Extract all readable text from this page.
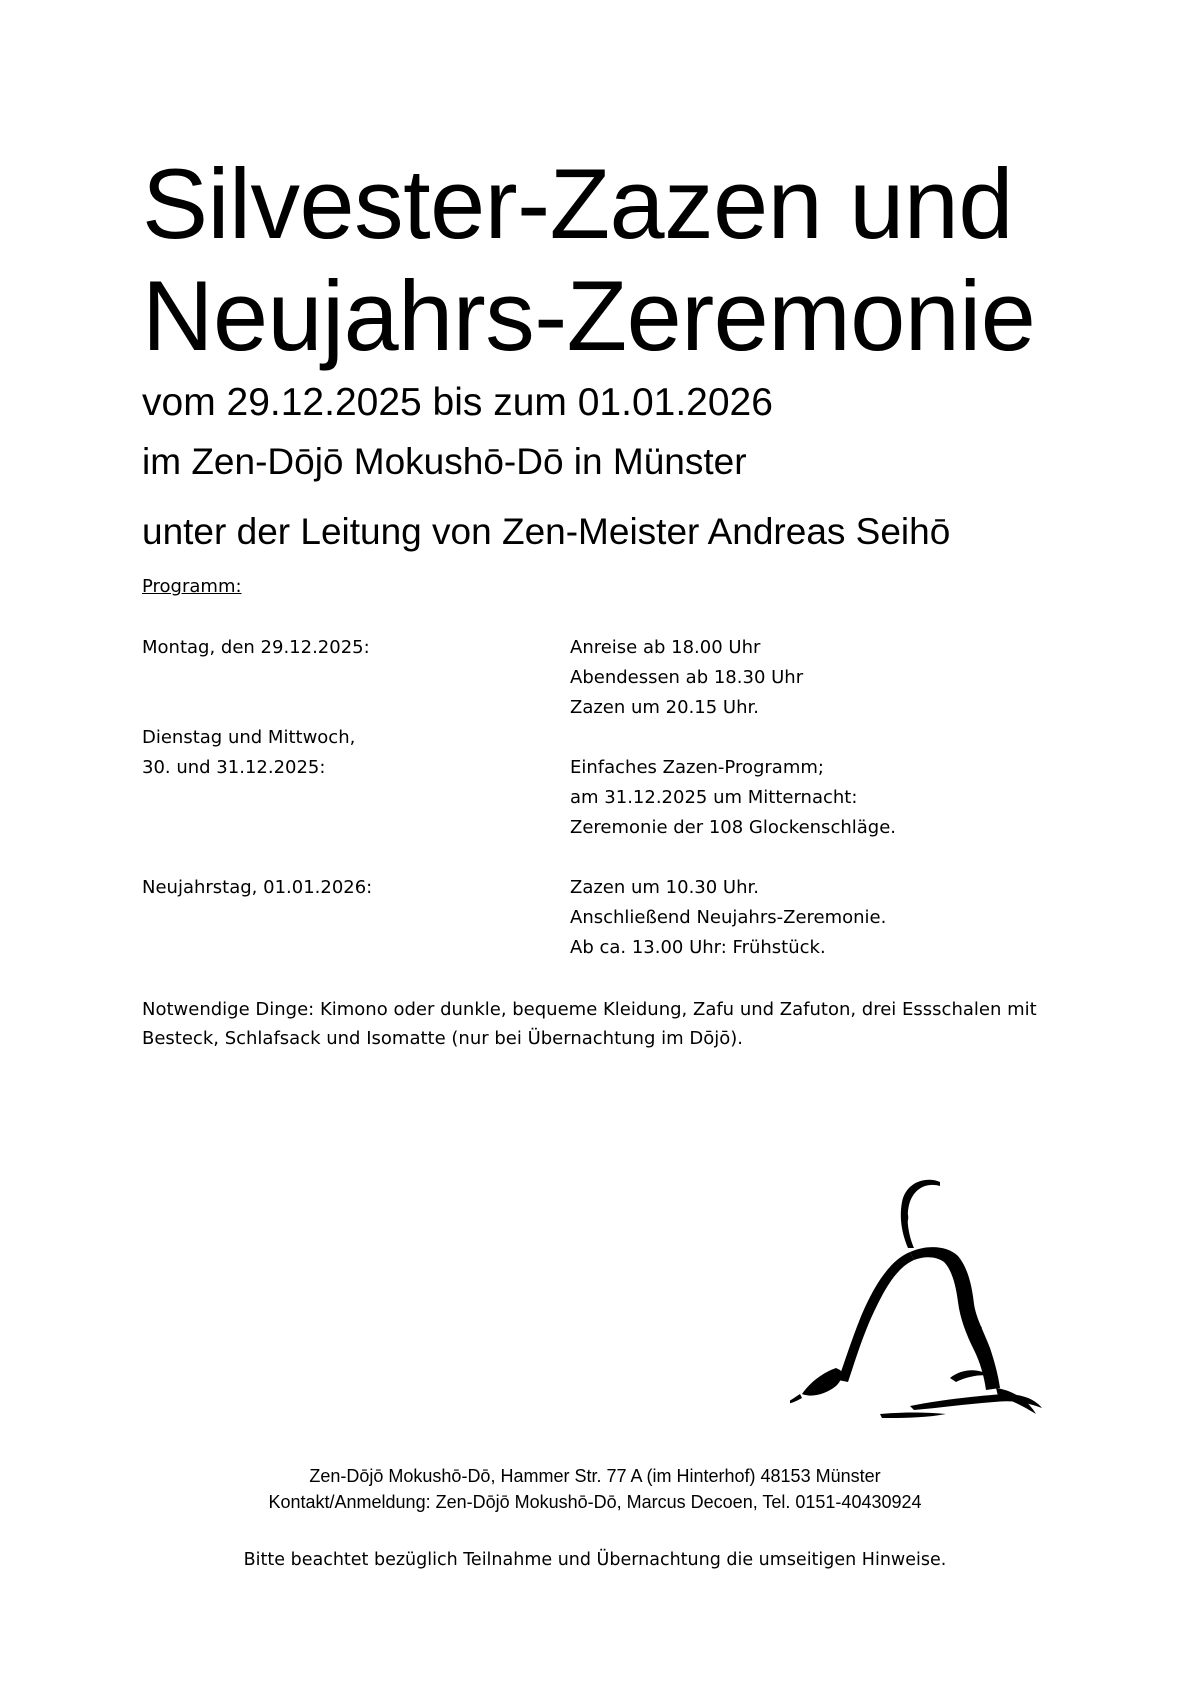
Silvester-Zazen und
Neujahrs-Zeremonie

vom 29.12.2025 bis zum 01.01.2026

im Zen-Dōjō Mokushō-Dō in Münster

unter der Leitung von Zen-Meister Andreas Seihō

Programm:

Montag, den 29.12.2025:	Anreise ab 18.00 Uhr
Abendessen ab 18.30 Uhr
Zazen um 20.15 Uhr.
Dienstag und Mittwoch,
30. und 31.12.2025:	Einfaches Zazen-Programm;
am 31.12.2025 um Mitternacht:
Zeremonie der 108 Glockenschläge.
Neujahrstag, 01.01.2026:	Zazen um 10.30 Uhr.
Anschließend Neujahrs-Zeremonie.
Ab ca. 13.00 Uhr: Frühstück.

Notwendige Dinge: Kimono oder dunkle, bequeme Kleidung, Zafu und Zafuton, drei Essschalen mit
Besteck, Schlafsack und Isomatte (nur bei Übernachtung im Dōjō).

Zen-Dōjō Mokushō-Dō, Hammer Str. 77 A (im Hinterhof) 48153 Münster

Kontakt/Anmeldung: Zen-Dōjō Mokushō-Dō, Marcus Decoen, Tel. 0151-40430924

Bitte beachtet bezüglich Teilnahme und Übernachtung die umseitigen Hinweise.
